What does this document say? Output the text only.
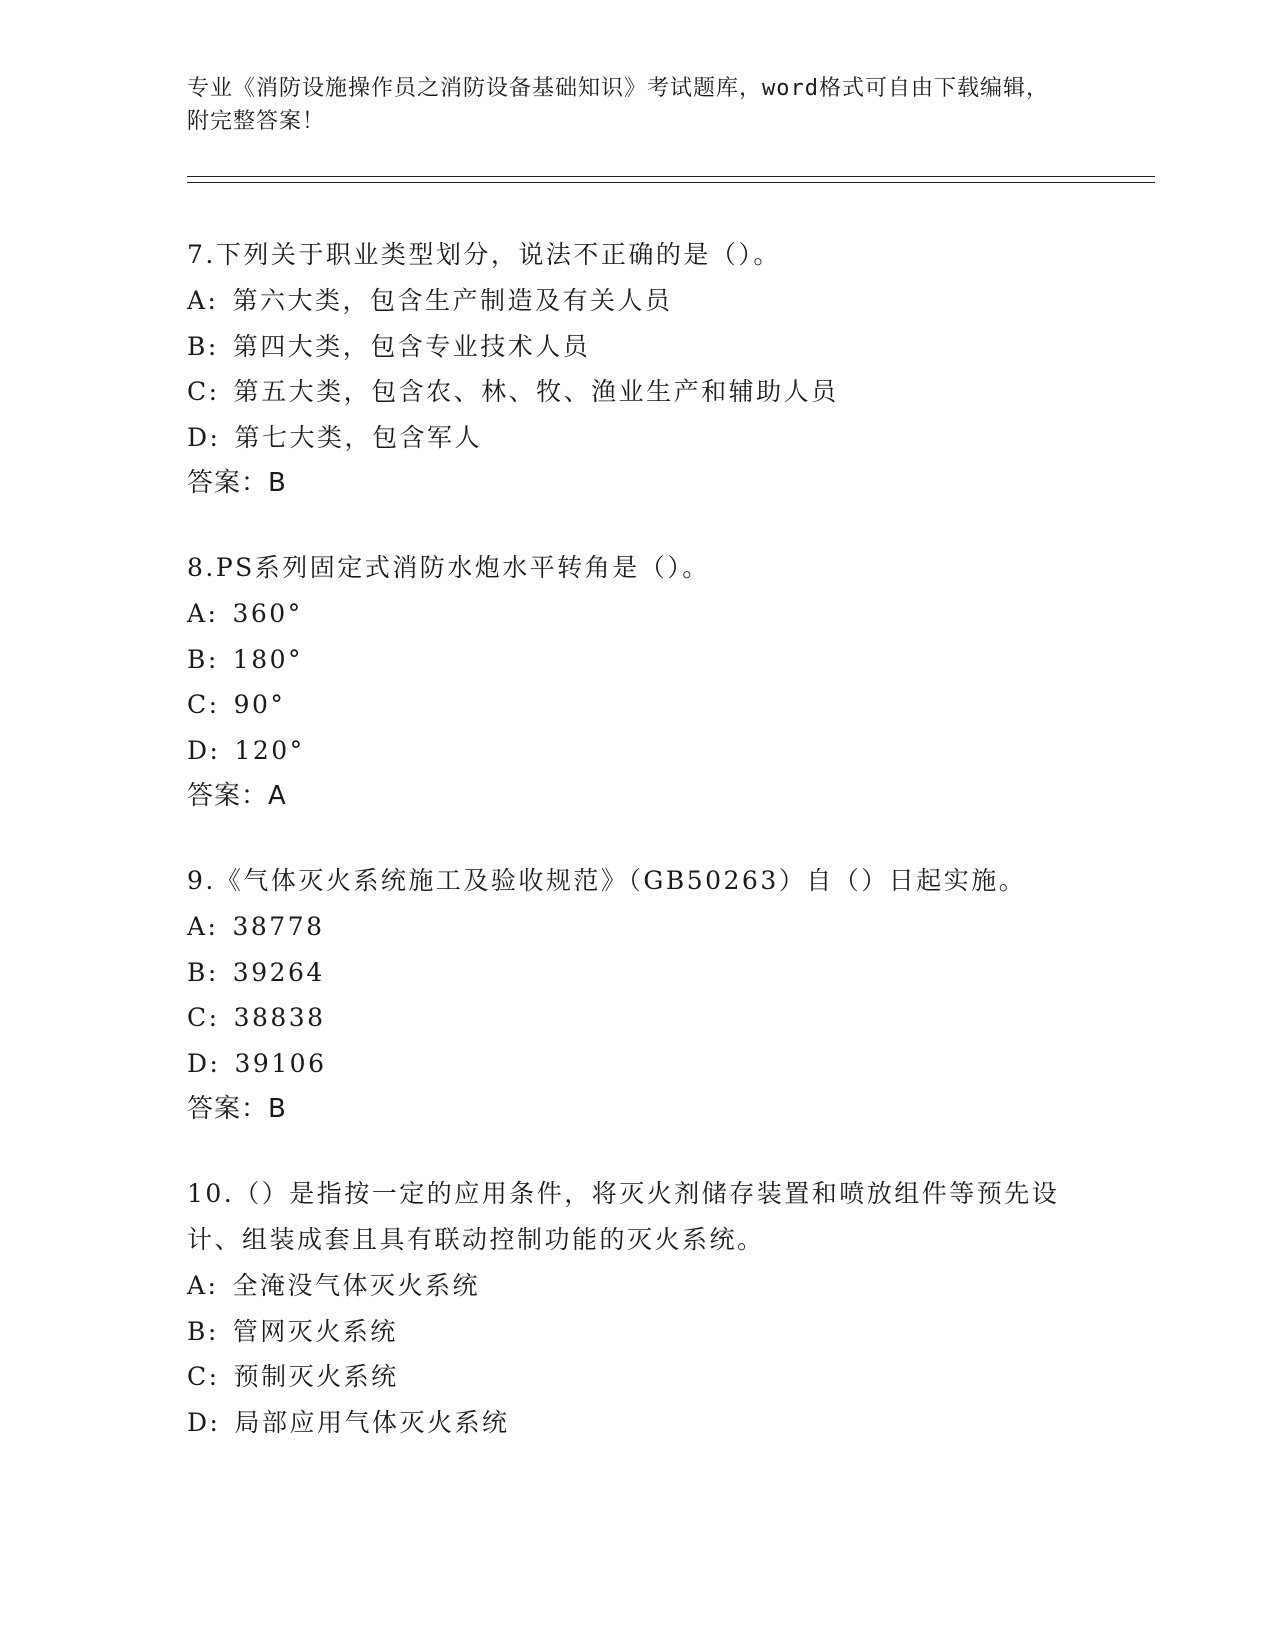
专业《消防设施操作员之消防设备基础知识》考试题库，word格式可自由下载编辑，附完整答案！

7.下列关于职业类型划分，说法不正确的是（）。

A: 第六大类，包含生产制造及有关人员

B: 第四大类，包含专业技术人员

C: 第五大类，包含农、林、牧、渔业生产和辅助人员

D: 第七大类，包含军人

答案：B

8.PS系列固定式消防水炮水平转角是（）。

A: 360°

B: 180°

C: 90°

D: 120°

答案：A

9.《气体灭火系统施工及验收规范》（GB50263）自（）日起实施。

A: 38778

B: 39264

C: 38838

D: 39106

答案：B

10.（）是指按一定的应用条件，将灭火剂储存装置和喷放组件等预先设计、组装成套且具有联动控制功能的灭火系统。

A: 全淹没气体灭火系统

B: 管网灭火系统

C: 预制灭火系统

D: 局部应用气体灭火系统
